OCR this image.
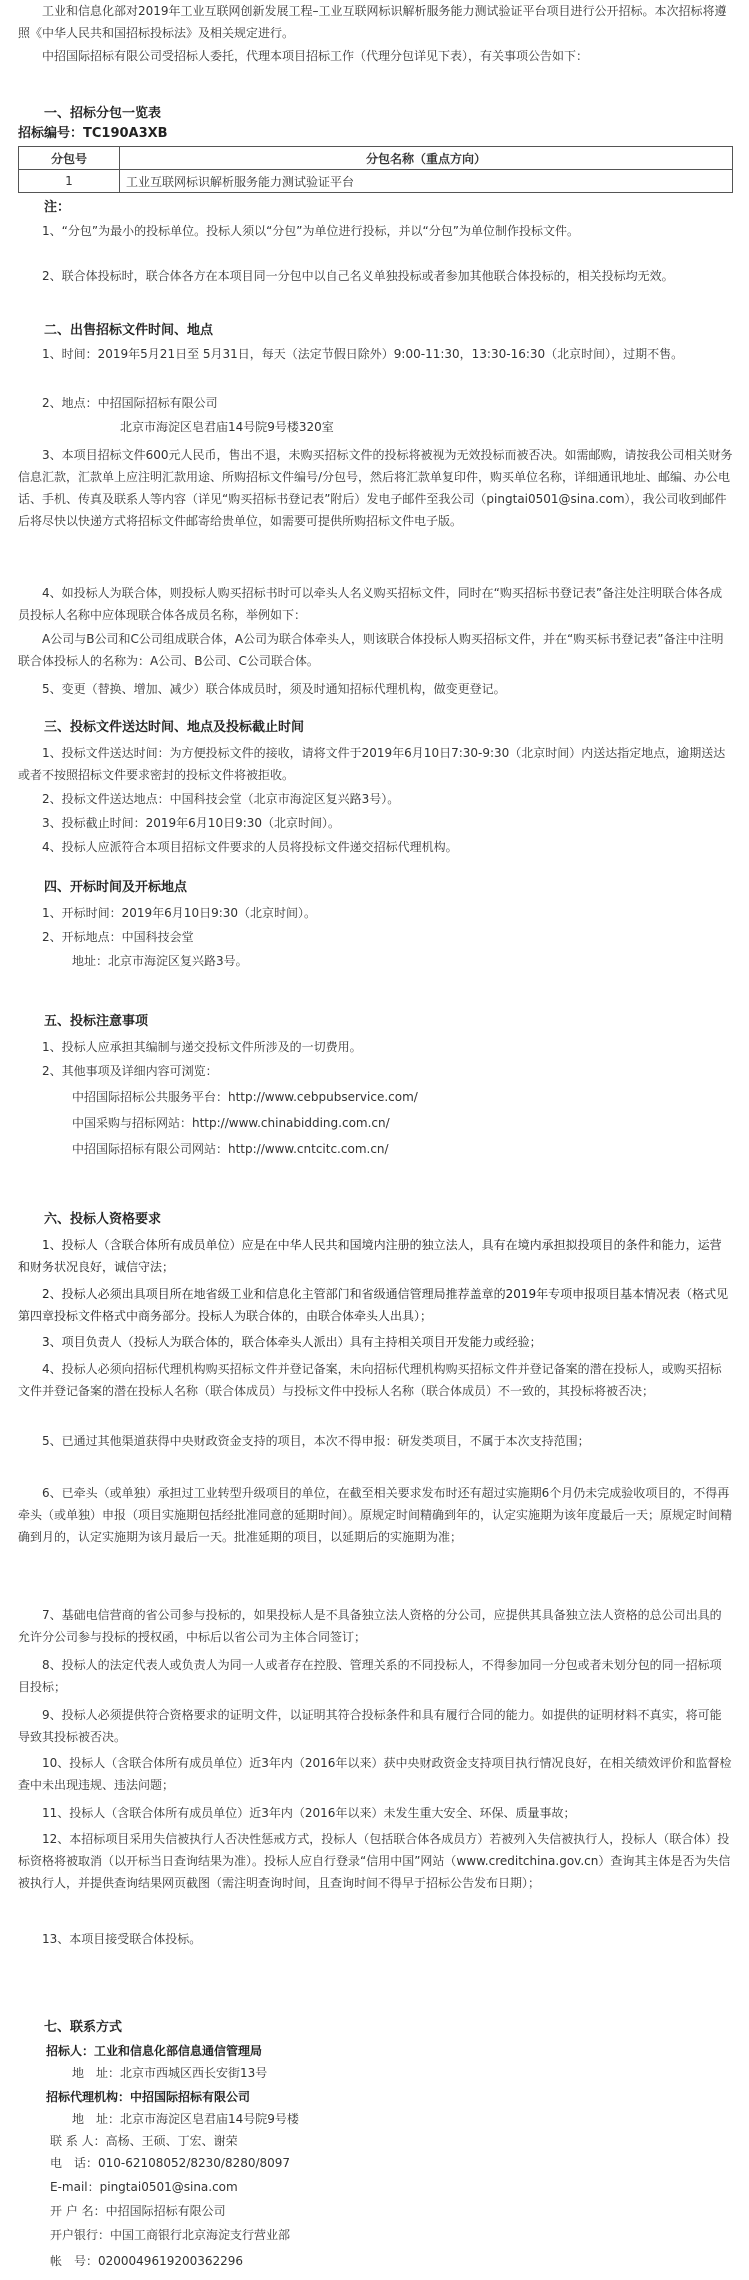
工业和信息化部对2019年工业互联网创新发展工程–工业互联网标识解析服务能力测试验证平台项目进行公开招标。本次招标将遵照《中华人民共和国招标投标法》及相关规定进行。

中招国际招标有限公司受招标人委托，代理本项目招标工作（代理分包详见下表），有关事项公告如下：

一、招标分包一览表
招标编号：TC190A3XB
分包号	分包名称（重点方向）
1	工业互联网标识解析服务能力测试验证平台
注：

1、“分包”为最小的投标单位。投标人须以“分包”为单位进行投标，并以“分包”为单位制作投标文件。

2、联合体投标时，联合体各方在本项目同一分包中以自己名义单独投标或者参加其他联合体投标的，相关投标均无效。

二、出售招标文件时间、地点

1、时间：2019年5月21日至 5月31日，每天（法定节假日除外）9:00-11:30，13:30-16:30（北京时间），过期不售。

2、地点：中招国际招标有限公司

北京市海淀区皂君庙14号院9号楼320室

3、本项目招标文件600元人民币，售出不退，未购买招标文件的投标将被视为无效投标而被否决。如需邮购，请按我公司相关财务信息汇款，汇款单上应注明汇款用途、所购招标文件编号/分包号，然后将汇款单复印件，购买单位名称，详细通讯地址、邮编、办公电话、手机、传真及联系人等内容（详见“购买招标书登记表”附后）发电子邮件至我公司（pingtai0501@sina.com），我公司收到邮件后将尽快以快递方式将招标文件邮寄给贵单位，如需要可提供所购招标文件电子版。

4、如投标人为联合体，则投标人购买招标书时可以牵头人名义购买招标文件，同时在“购买招标书登记表”备注处注明联合体各成员投标人名称中应体现联合体各成员名称，举例如下：

A公司与B公司和C公司组成联合体，A公司为联合体牵头人，则该联合体投标人购买招标文件，并在“购买标书登记表”备注中注明联合体投标人的名称为：A公司、B公司、C公司联合体。

5、变更（替换、增加、减少）联合体成员时，须及时通知招标代理机构，做变更登记。

三、投标文件送达时间、地点及投标截止时间

1、投标文件送达时间：为方便投标文件的接收，请将文件于2019年6月10日7:30-9:30（北京时间）内送达指定地点，逾期送达或者不按照招标文件要求密封的投标文件将被拒收。

2、投标文件送达地点：中国科技会堂（北京市海淀区复兴路3号）。

3、投标截止时间：2019年6月10日9:30（北京时间）。

4、投标人应派符合本项目招标文件要求的人员将投标文件递交招标代理机构。

四、开标时间及开标地点

1、开标时间：2019年6月10日9:30（北京时间）。

2、开标地点：中国科技会堂

地址：北京市海淀区复兴路3号。

五、投标注意事项

1、投标人应承担其编制与递交投标文件所涉及的一切费用。

2、其他事项及详细内容可浏览：

中招国际招标公共服务平台：http://www.cebpubservice.com/

中国采购与招标网站：http://www.chinabidding.com.cn/

中招国际招标有限公司网站：http://www.cntcitc.com.cn/

六、投标人资格要求

1、投标人（含联合体所有成员单位）应是在中华人民共和国境内注册的独立法人，具有在境内承担拟投项目的条件和能力，运营和财务状况良好，诚信守法；

2、投标人必须出具项目所在地省级工业和信息化主管部门和省级通信管理局推荐盖章的2019年专项申报项目基本情况表（格式见第四章投标文件格式中商务部分。投标人为联合体的，由联合体牵头人出具）；

3、项目负责人（投标人为联合体的，联合体牵头人派出）具有主持相关项目开发能力或经验；

4、投标人必须向招标代理机构购买招标文件并登记备案，未向招标代理机构购买招标文件并登记备案的潜在投标人，或购买招标文件并登记备案的潜在投标人名称（联合体成员）与投标文件中投标人名称（联合体成员）不一致的，其投标将被否决；

5、已通过其他渠道获得中央财政资金支持的项目，本次不得申报：研发类项目，不属于本次支持范围；

6、已牵头（或单独）承担过工业转型升级项目的单位，在截至相关要求发布时还有超过实施期6个月仍未完成验收项目的，不得再牵头（或单独）申报（项目实施期包括经批准同意的延期时间）。原规定时间精确到年的，认定实施期为该年度最后一天；原规定时间精确到月的，认定实施期为该月最后一天。批准延期的项目，以延期后的实施期为准；

7、基础电信营商的省公司参与投标的，如果投标人是不具备独立法人资格的分公司，应提供其具备独立法人资格的总公司出具的允许分公司参与投标的授权函，中标后以省公司为主体合同签订；

8、投标人的法定代表人或负责人为同一人或者存在控股、管理关系的不同投标人，不得参加同一分包或者未划分包的同一招标项目投标；

9、投标人必须提供符合资格要求的证明文件，以证明其符合投标条件和具有履行合同的能力。如提供的证明材料不真实，将可能导致其投标被否决。

10、投标人（含联合体所有成员单位）近3年内（2016年以来）获中央财政资金支持项目执行情况良好，在相关绩效评价和监督检查中未出现违规、违法问题；

11、投标人（含联合体所有成员单位）近3年内（2016年以来）未发生重大安全、环保、质量事故；

12、本招标项目采用失信被执行人否决性惩戒方式，投标人（包括联合体各成员方）若被列入失信被执行人，投标人（联合体）投标资格将被取消（以开标当日查询结果为准）。投标人应自行登录“信用中国”网站（www.creditchina.gov.cn）查询其主体是否为失信被执行人，并提供查询结果网页截图（需注明查询时间，且查询时间不得早于招标公告发布日期）；

13、本项目接受联合体投标。

七、联系方式

招标人：工业和信息化部信息通信管理局

地　址：北京市西城区西长安街13号

招标代理机构：中招国际招标有限公司

地　址：北京市海淀区皂君庙14号院9号楼

联 系 人：高杨、王硕、丁宏、谢荣

电　话：010-62108052/8230/8280/8097

E-mail：pingtai0501@sina.com

开 户 名：中招国际招标有限公司

开户银行：中国工商银行北京海淀支行营业部

帐　号：0200049619200362296
